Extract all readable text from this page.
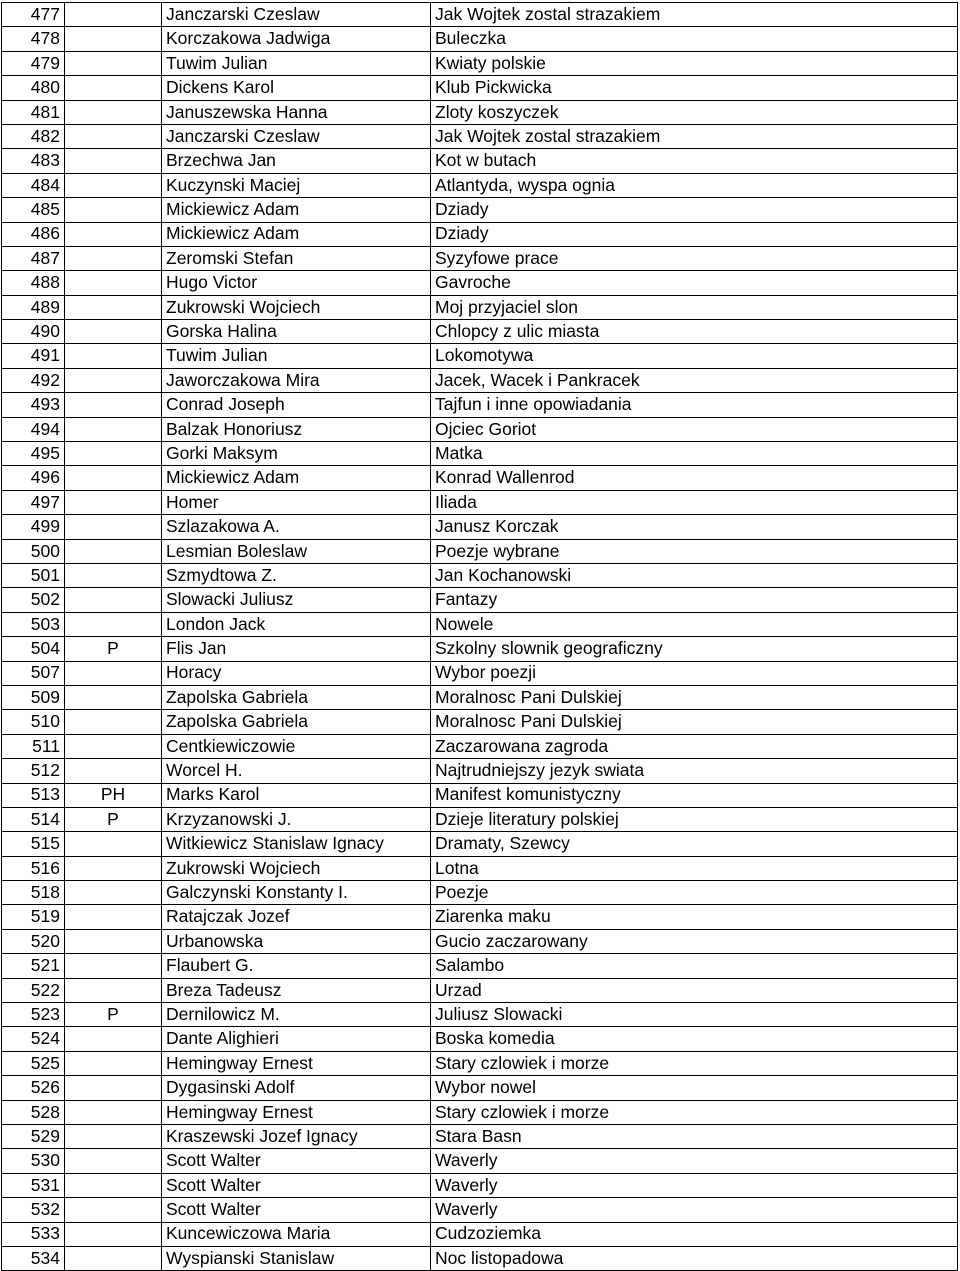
477		Janczarski Czeslaw	Jak Wojtek zostal strazakiem
478		Korczakowa Jadwiga	Buleczka
479		Tuwim Julian	Kwiaty polskie
480		Dickens Karol	Klub Pickwicka
481		Januszewska Hanna	Zloty koszyczek
482		Janczarski Czeslaw	Jak Wojtek zostal strazakiem
483		Brzechwa Jan	Kot w butach
484		Kuczynski Maciej	Atlantyda, wyspa ognia
485		Mickiewicz Adam	Dziady
486		Mickiewicz Adam	Dziady
487		Zeromski Stefan	Syzyfowe prace
488		Hugo Victor	Gavroche
489		Zukrowski Wojciech	Moj przyjaciel slon
490		Gorska Halina	Chlopcy z ulic miasta
491		Tuwim Julian	Lokomotywa
492		Jaworczakowa Mira	Jacek, Wacek i Pankracek
493		Conrad Joseph	Tajfun i inne opowiadania
494		Balzak Honoriusz	Ojciec Goriot
495		Gorki Maksym	Matka
496		Mickiewicz Adam	Konrad Wallenrod
497		Homer	Iliada
499		Szlazakowa A.	Janusz Korczak
500		Lesmian Boleslaw	Poezje wybrane
501		Szmydtowa Z.	Jan Kochanowski
502		Slowacki Juliusz	Fantazy
503		London Jack	Nowele
504	P	Flis Jan	Szkolny slownik geograficzny
507		Horacy	Wybor poezji
509		Zapolska Gabriela	Moralnosc Pani Dulskiej
510		Zapolska Gabriela	Moralnosc Pani Dulskiej
511		Centkiewiczowie	Zaczarowana zagroda
512		Worcel H.	Najtrudniejszy jezyk swiata
513	PH	Marks Karol	Manifest komunistyczny
514	P	Krzyzanowski J.	Dzieje literatury polskiej
515		Witkiewicz Stanislaw Ignacy	Dramaty, Szewcy
516		Zukrowski Wojciech	Lotna
518		Galczynski Konstanty I.	Poezje
519		Ratajczak Jozef	Ziarenka maku
520		Urbanowska	Gucio zaczarowany
521		Flaubert G.	Salambo
522		Breza Tadeusz	Urzad
523	P	Dernilowicz M.	Juliusz Slowacki
524		Dante Alighieri	Boska komedia
525		Hemingway Ernest	Stary czlowiek i morze
526		Dygasinski Adolf	Wybor nowel
528		Hemingway Ernest	Stary czlowiek i morze
529		Kraszewski Jozef Ignacy	Stara Basn
530		Scott Walter	Waverly
531		Scott Walter	Waverly
532		Scott Walter	Waverly
533		Kuncewiczowa Maria	Cudzoziemka
534		Wyspianski Stanislaw	Noc listopadowa
